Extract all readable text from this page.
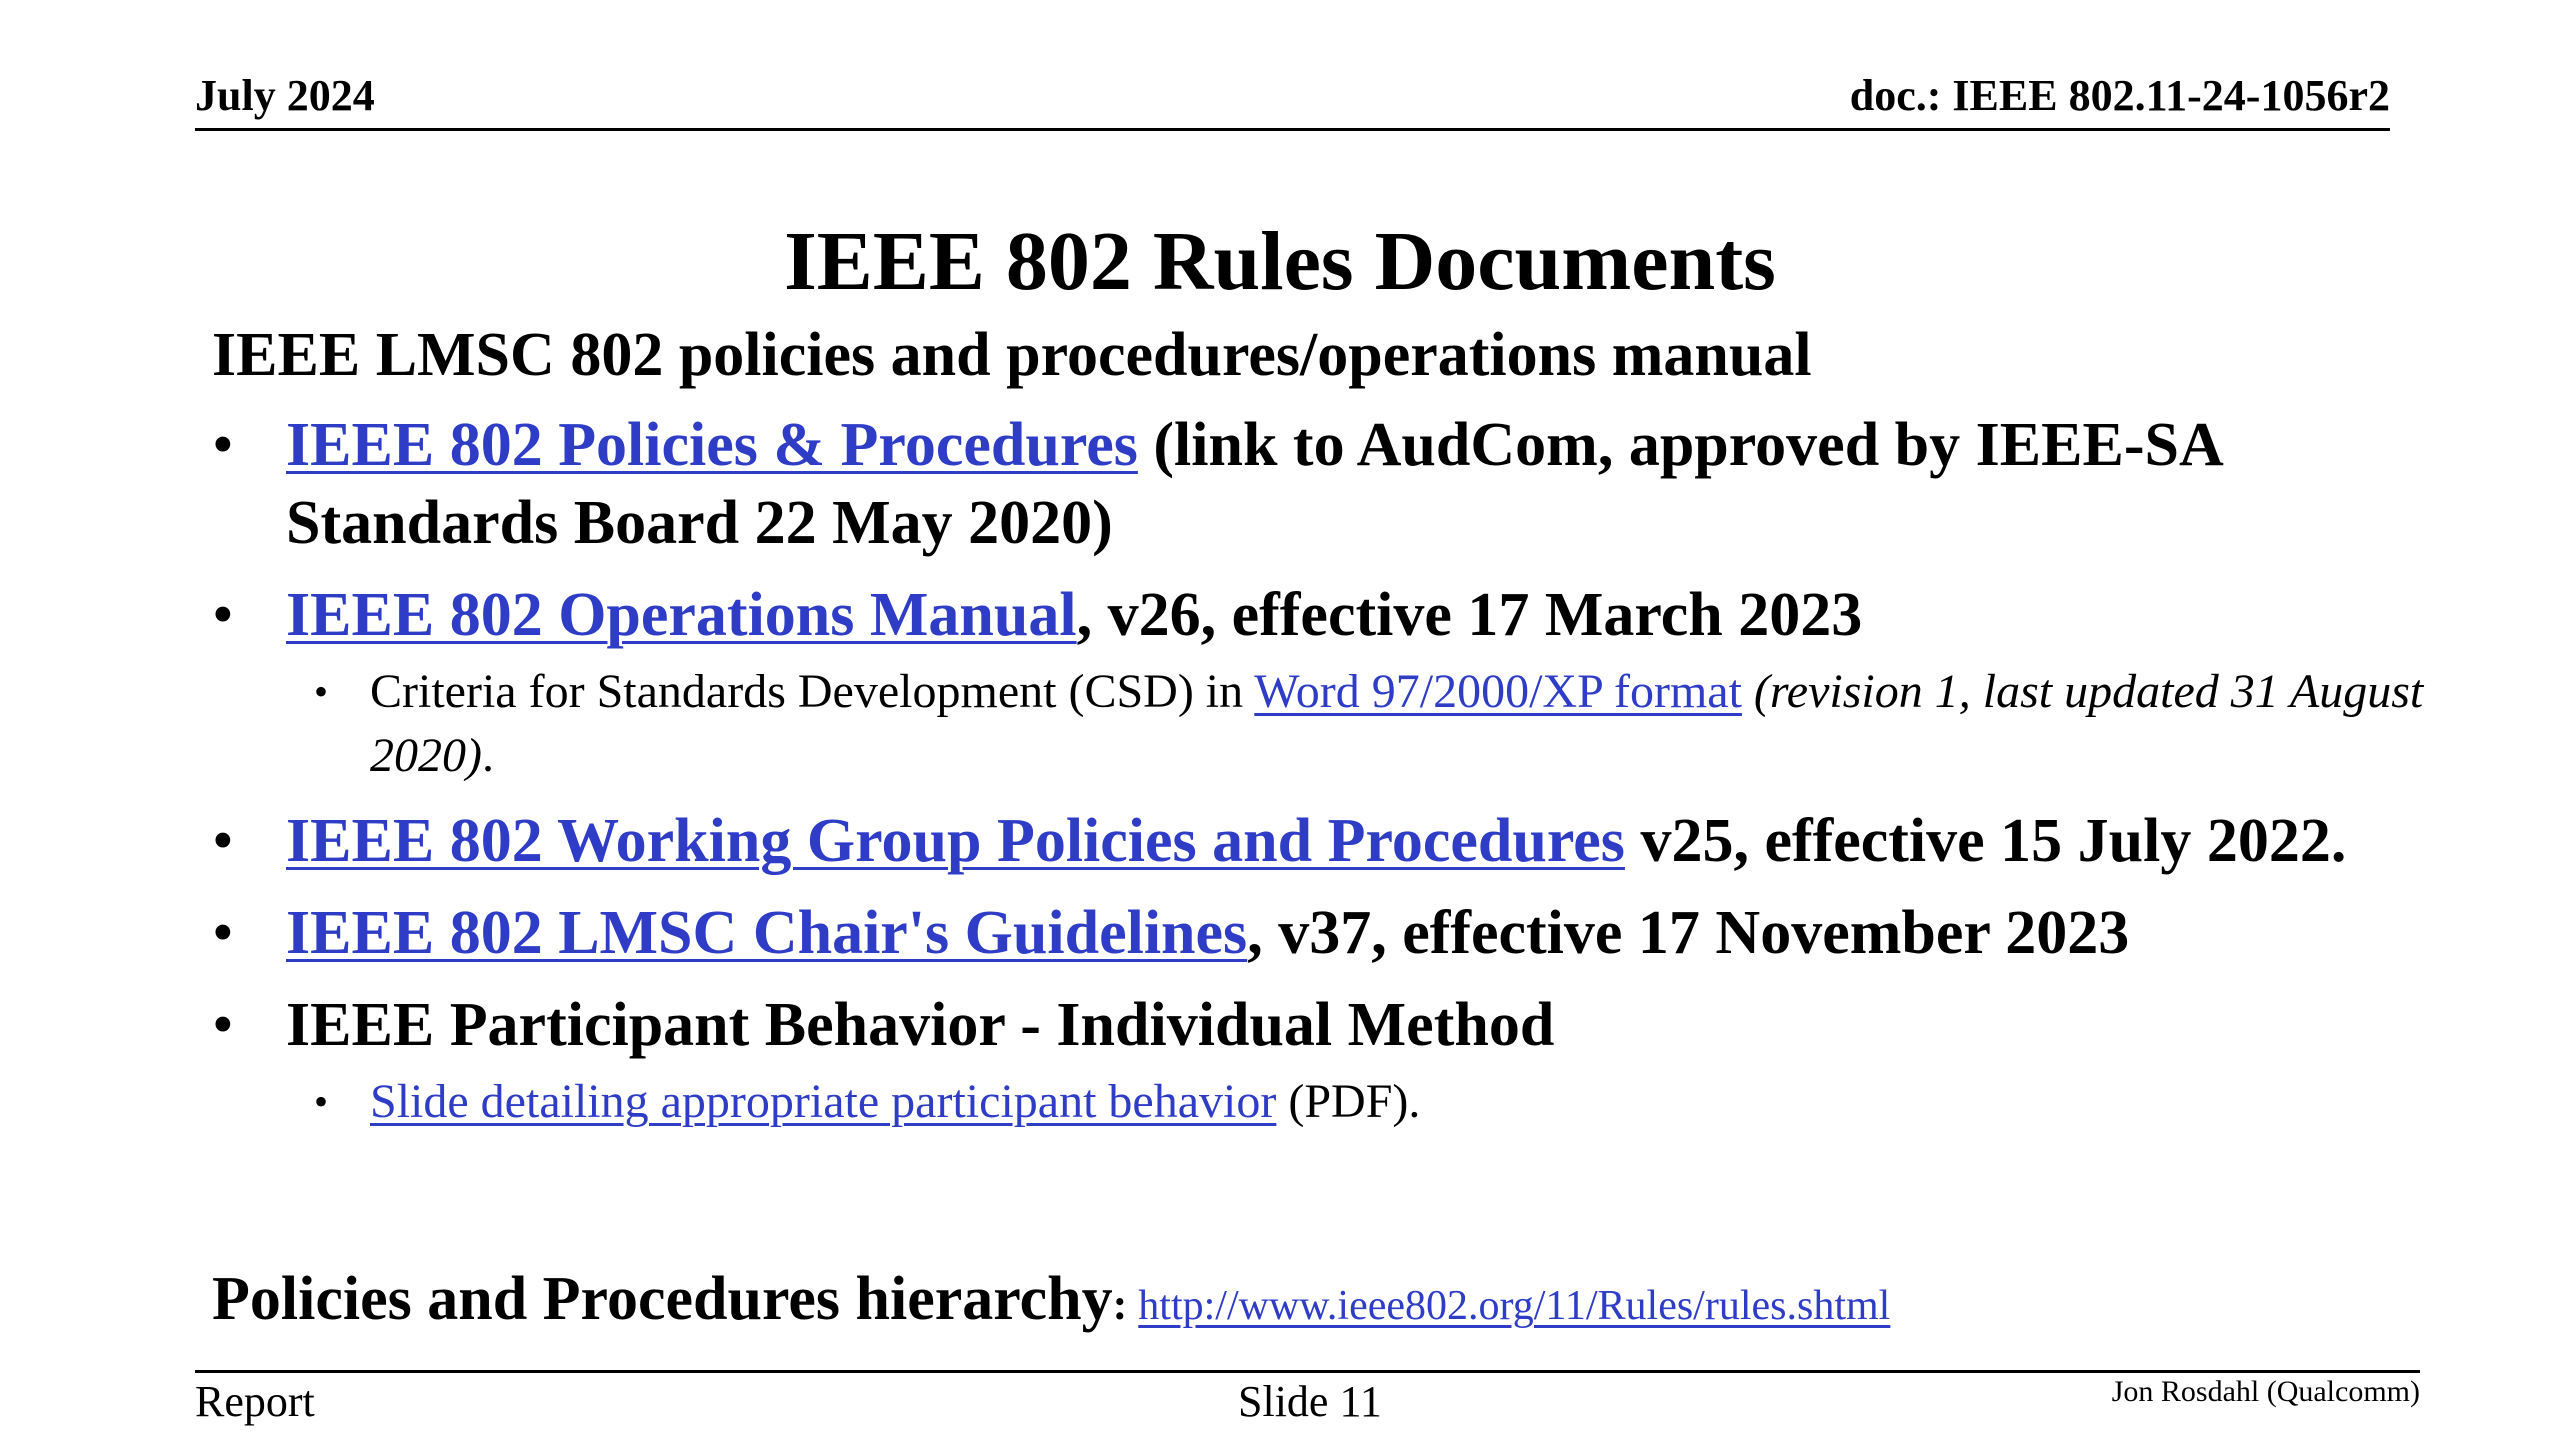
July 2024	doc.: IEEE 802.11-24-1056r2
IEEE 802 Rules Documents

IEEE LMSC 802 policies and procedures/operations manual

• IEEE 802 Policies & Procedures (link to AudCom, approved by IEEE-SA Standards Board 22 May 2020)
• IEEE 802 Operations Manual, v26, effective 17 March 2023
• Criteria for Standards Development (CSD) in Word 97/2000/XP format (revision 1, last updated 31 August 2020).
• IEEE 802 Working Group Policies and Procedures v25, effective 15 July 2022.
• IEEE 802 LMSC Chair's Guidelines, v37, effective 17 November 2023
• IEEE Participant Behavior - Individual Method
• Slide detailing appropriate participant behavior (PDF).
Policies and Procedures hierarchy: http://www.ieee802.org/11/Rules/rules.shtml
Report	Slide 11	Jon Rosdahl (Qualcomm)
